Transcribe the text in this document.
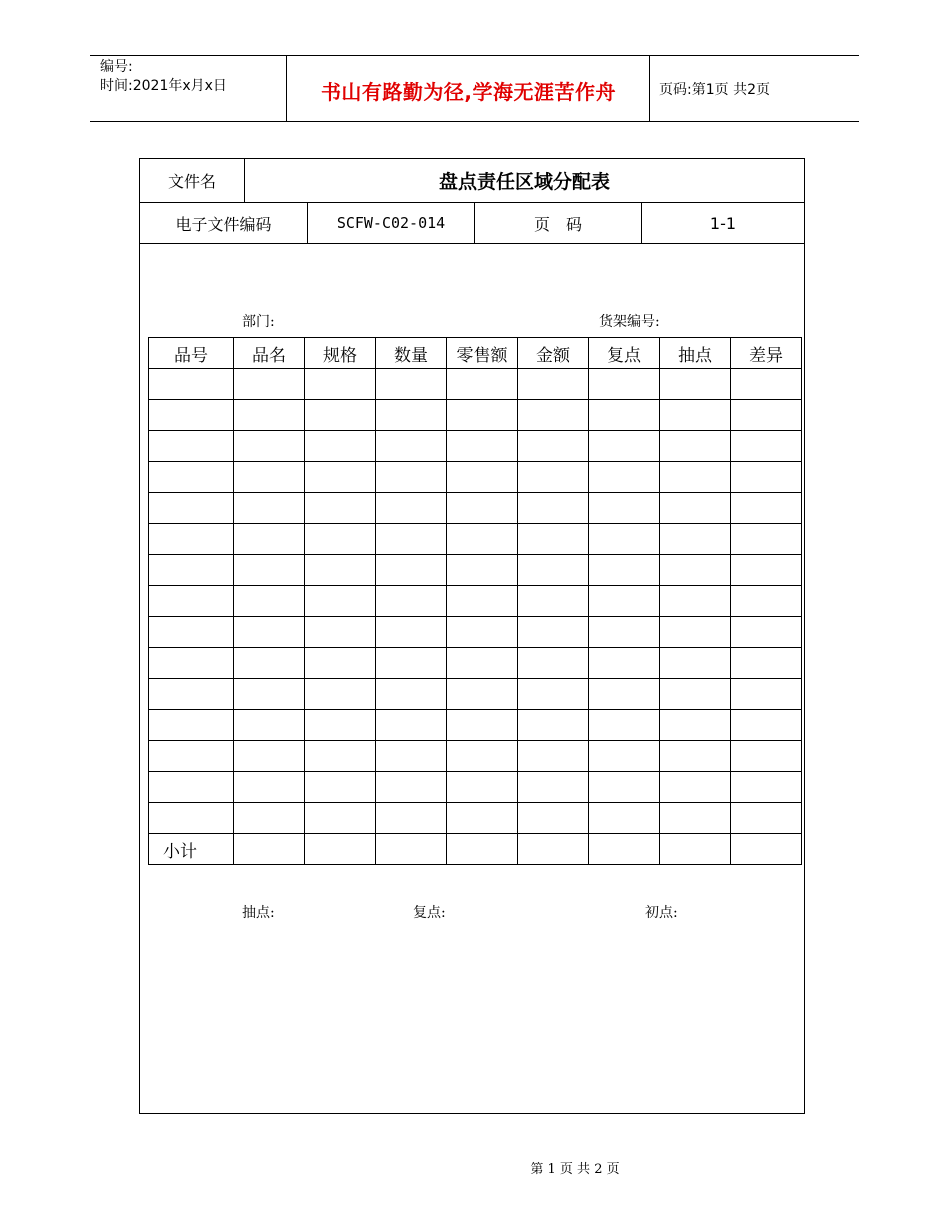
编号:
时间:2021年x月x日	书山有路勤为径,学海无涯苦作舟	页码:第1页 共2页
文件名	盘点责任区域分配表
电子文件编码	SCFW-C02-014	页　码	1-1
部门:	货架编号:
品号	品名	规格	数量	零售额	金额	复点	抽点	差异

小计								
抽点:	复点:	初点:
第 1 页 共 2 页
